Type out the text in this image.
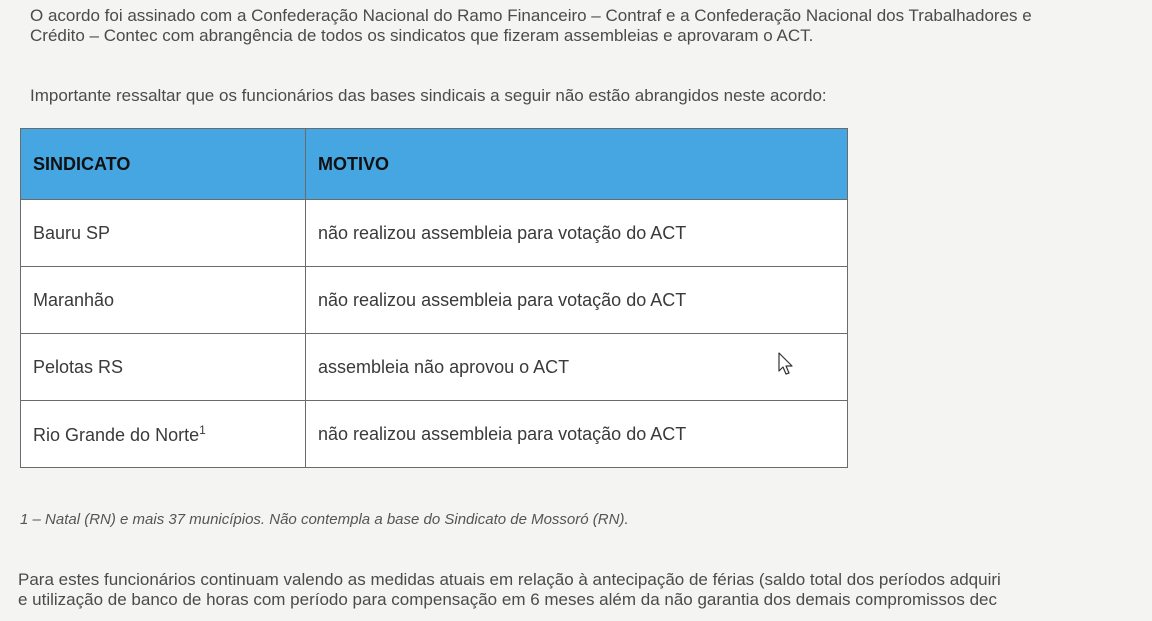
O acordo foi assinado com a Confederação Nacional do Ramo Financeiro – Contraf e a Confederação Nacional dos Trabalhadores e
Crédito – Contec com abrangência de todos os sindicatos que fizeram assembleias e aprovaram o ACT.
Importante ressaltar que os funcionários das bases sindicais a seguir não estão abrangidos neste acordo:
SINDICATO	MOTIVO
Bauru SP	não realizou assembleia para votação do ACT
Maranhão	não realizou assembleia para votação do ACT
Pelotas RS	assembleia não aprovou o ACT
Rio Grande do Norte$^1$	não realizou assembleia para votação do ACT
1 – Natal (RN) e mais 37 municípios. Não contempla a base do Sindicato de Mossoró (RN).
Para estes funcionários continuam valendo as medidas atuais em relação à antecipação de férias (saldo total dos períodos adquiri
e utilização de banco de horas com período para compensação em 6 meses além da não garantia dos demais compromissos dec
